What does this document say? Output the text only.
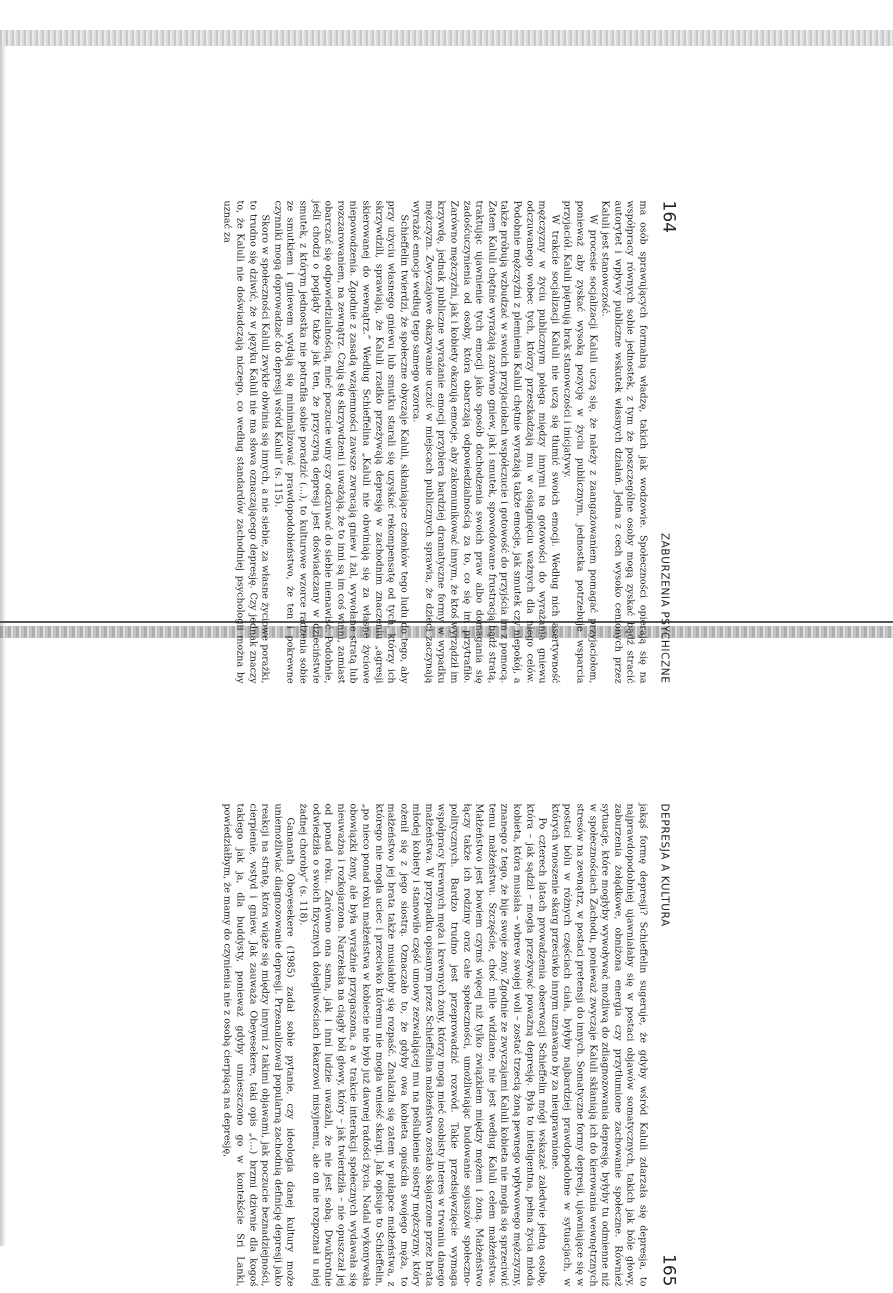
164
ZABURZENIA PSYCHICZNE

ma osób sprawujących formalną władzę, takich jak wodzowie. Społeczności opierają się na współpracy równych sobie jednostek, z tym że poszczególne osoby mogą zyskać bądź stracić autorytet i wpływy publiczne wskutek własnych działań. Jedna z cech wysoko cenionych przez Kaluli jest stanowczość.

W procesie socjalizacji Kaluli uczą się, że należy z zaangażowaniem pomagać przyjaciołom, ponieważ aby zyskać wysoką pozycję w życiu publicznym, jednostka potrzebuje wsparcia przyjaciół. Kaluli piętnują brak stanowczości i inicjatywy.

W trakcie socjalizacji Kaluli nie uczą się tłumić swoich emocji. Według nich asertywność mężczyzny w życiu publicznym polega między innymi na gotowości do wyrażania gniewu odczuwanego wobec tych, którzy przeszkadzają mu w osiągnięciu ważnych dla niego celów. Podobnie mężczyźni z plemienia Kaluli chętnie wyrażają także emocje, jak smutek czy niepokój, a także próbują wzbudzać w swoich przyjaciołach współczucie i gotowość do przyjścia im z pomocą. Zatem Kaluli chętnie wyrażają zarówno gniew, jak i smutek, spowodowane frustracją bądź stratą, traktując ujawnienie tych emocji jako sposób dochodzenia swoich praw albo domagania się zadośćuczynienia od osoby, która obarczają odpowiedzialnością za to, co się im przytrafiło. Zarówno mężczyźni, jak i kobiety okazują emocje, aby zakomunikować innym, że ktoś wyrządził im krzywdę, jednak publiczne wyrażanie emocji przybiera bardziej dramatyczne formy w wypadku mężczyzn. Zwyczajowe okazywanie uczuć w miejscach publicznych sprawia, że dzieci zaczynają wyrażać emocje według tego samego wzorca.

Schieffelin twierdzi, że społeczne obyczaje Kaluli, skłaniające członków tego ludu do tego, aby przy użyciu własnego gniewu lub smutku starali się uzyskać rekompensatę od tych, którzy ich skrzywdzili, sprawiają, że Kaluli rzadko przeżywają depresję w zachodnim znaczeniu „agresji skierowanej do wewnątrz.” Według Schieffelina „Kaluli nie obwiniają się za własne życiowe niepowodzenia. Zgodnie z zasadą wzajemności zawsze zwracają gniew i żal, wywołane stratą lub rozczarowaniem, na zewnątrz. Czują się skrzywdzeni i uważają, że to inni są im coś winni, zamiast obarczać się odpowiedzialnością, mieć poczucie winy czy odczuwać do siebie nienawiść. Podobnie, jeśli chodzi o poglądy także jak ten, że przyczyną depresji jest doświadczany w dzieciństwie smutek, z którym jednostka nie potrafiła sobie poradzić (...), to kulturowe wzorce radzenia sobie ze smutkiem i gniewem wydają się minimalizować prawdopodobieństwo, że ten i pokrewne czynniki mogą doprowadzać do depresji wśród Kaluli” (s. 115).

Skoro w społeczności Kaluli zwykle obwinia się innych, a nie siebie, za własne życiowe porażki, to trudno się dziwić, że w języku Kaluli nie ma słowa oznaczającego depresję. Czy jednak znaczy to, że Kaluli nie doświadczają niczego, co według standardów zachodniej psychologii można by uznać za

DEPRESJA A KULTURA
165

jakąś formę depresji? Schieffelin sugeruje, że gdyby wśród Kaluli zdarzała się depresja, to najprawdopodobniej ujawniałaby się w postaci objawów somatycznych, takich jak bóle głowy, zaburzenia żołądkowe, obniżona energia czy przytłumione zachowanie społeczne. Również sytuacje, które mogłyby wywoływać możliwą do zdiagnozowania depresję, byłyby tu odmienne niż w społecznościach Zachodu, ponieważ zwyczaje Kaluli skłaniają ich do kierowania wewnętrznych stresów na zewnątrz, w postaci pretensji do innych. Somatyczne formy depresji, ujawniające się w postaci bólu w różnych częściach ciała, byłyby najbardziej prawdopodobne w sytuacjach, w których wnoszenie skarg przeciwko innym uznawano by za nieuprawnione.

Po czterech latach prowadzenia obserwacji Schieffelin mógł wskazać zaledwie jedną osobę, która – jak sądził – mogła przeżywać poważną depresję. Była to inteligentna, pełna życia młoda kobieta, która musiała – wbrew swojej woli – zostać trzecią żoną pewnego wpływowego mężczyzny, znanego z tego, że bije swoje żony. Zgodnie ze zwyczajami Kaluli kobieta nie mogła się sprzeciwić temu małżeństwu. Szczęście, choć mile widziane, nie jest według Kaluli celem małżeństwa. Małżeństwo jest bowiem czymś więcej niż tylko związkiem między mężem i żoną. Małżeństwo łączy także ich rodziny oraz całe społeczności, umożliwiając budowanie sojuszów społeczno-politycznych. Bardzo trudno jest przeprowadzić rozwód. Takie przedsięwzięcie wymaga współpracy krewnych męża i krewnych żony, którzy mogą mieć osobisty interes w trwaniu danego małżeństwa. W przypadku opisanym przez Schieffelina małżeństwo zostało skojarzone przez brata młodej kobiety i stanowiło część umowy zezwalającej mu na poślubienie siostry mężczyzny, który ożenił się z jego siostrą. Oznaczało to, że gdyby owa kobieta opuściła swojego męża, to małżeństwo jej brata także musiałoby się rozpaść. Znalazła się zatem w pułapce małżeństwa, z którego nie mogła uciec i przeciwko któremu nie mogła wnieść skargi. Jak opisuje to Schieffelin, „po nieco ponad roku małżeństwa w kobiecie nie było już dawnej radości życia. Nadal wykonywała obowiązki żony, ale była wyraźnie przygaszona, a w trakcie interakcji społecznych wydawała się nieuważna i rozkojarzona. Narzekała na ciągły ból głowy, który – jak twierdziła – nie opuszczał jej od ponad roku. Zarówno ona sama, jak i inni ludzie uważali, że nie jest sobą. Dwukrotnie odwiedziła o swoich fizycznych dolegliwościach lekarzowi misyjnemu, ale on nie rozpoznał u niej żadnej choroby” (s. 118).

Gananath Obeyesekere (1985) zadał sobie pytanie, czy ideologia danej kultury może uniemożliwiać diagnozowanie depresji. Przeanalizował popularną zachodnią definicję depresji jako reakcji na stratę, która wiąże się między innymi z takimi objawami, jak poczucie beznadziejności, cierpienie, wstyd i gniew. Jak zauważa Obeyesekere, taki opis „(...) brzmi dziwnie dla kogoś takiego jak ja, dla buddysty, ponieważ gdyby umieszczono go w kontekście Sri Lanki, powiedziałbym, że mamy do czynienia nie z osobą cierpiącą na depresję,
